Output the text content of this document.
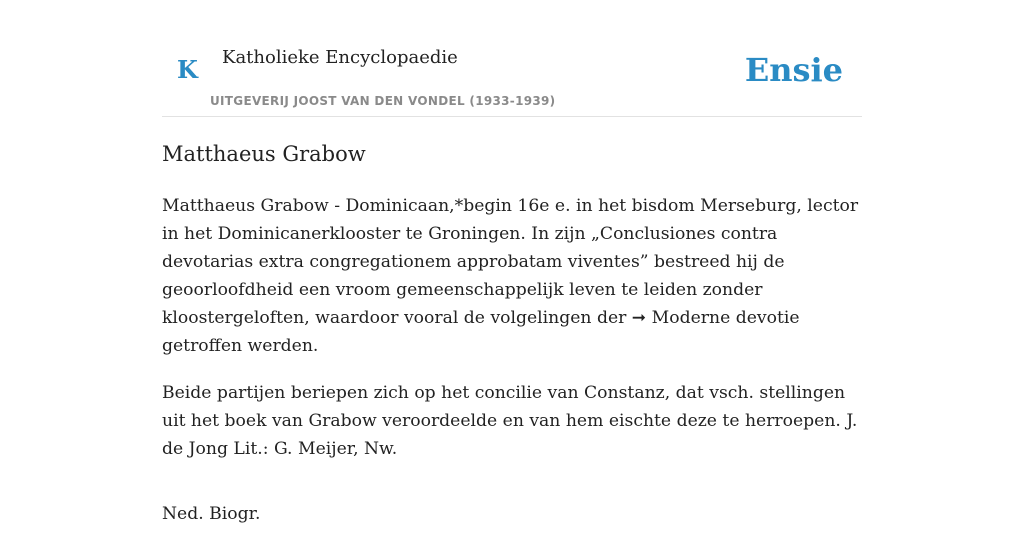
K Katholieke Encyclopaedie
UITGEVERIJ JOOST VAN DEN VONDEL (1933-1939)
Ensie
Matthaeus Grabow

Matthaeus Grabow - Dominicaan,*begin 16e e. in het bisdom Merseburg, lector in het Dominicanerklooster te Groningen. In zijn „Conclusiones contra devotarias extra congregationem approbatam viventes” bestreed hij de geoorloofdheid een vroom gemeenschappelijk leven te leiden zonder kloostergeloften, waardoor vooral de volgelingen der ➞ Moderne devotie getroffen werden.

Beide partijen beriepen zich op het concilie van Constanz, dat vsch. stellingen uit het boek van Grabow veroordeelde en van hem eischte deze te herroepen. J. de Jong Lit.: G. Meijer, Nw.

Ned. Biogr.
